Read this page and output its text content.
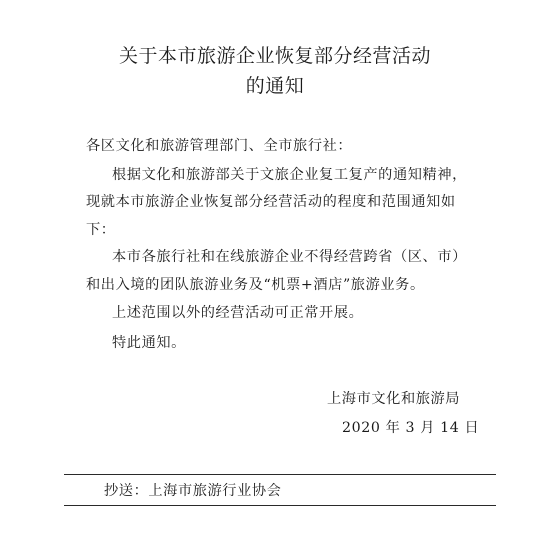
关于本市旅游企业恢复部分经营活动
的通知

各区文化和旅游管理部门、全市旅行社：

根据文化和旅游部关于文旅企业复工复产的通知精神，

现就本市旅游企业恢复部分经营活动的程度和范围通知如

下：

本市各旅行社和在线旅游企业不得经营跨省（区、市）

和出入境的团队旅游业务及“机票+酒店”旅游业务。

上述范围以外的经营活动可正常开展。

特此通知。

上海市文化和旅游局

2020 年 3 月 14 日

抄送：上海市旅游行业协会
